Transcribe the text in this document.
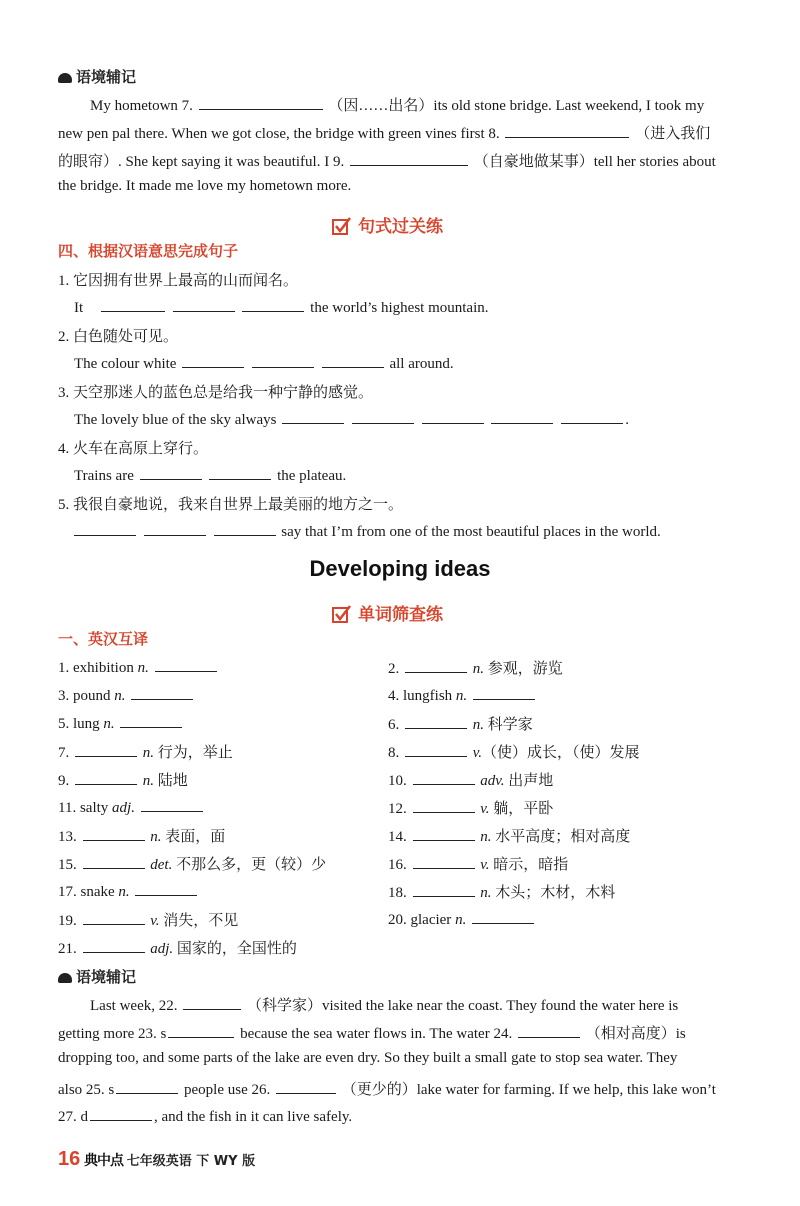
语境辅记
My hometown 7.	（因……出名）its old stone bridge. Last weekend, I took my
new pen pal there. When we got close, the bridge with green vines first 8.	（进入我们
的眼帘）. She kept saying it was beautiful. I 9.	（自豪地做某事）tell her stories about
the bridge. It made me love my hometown more.
句式过关练
四、根据汉语意思完成句子
1. 它因拥有世界上最高的山而闻名。
It	the world’s highest mountain.
2. 白色随处可见。
The colour white	all around.
3. 天空那迷人的蓝色总是给我一种宁静的感觉。
The lovely blue of the sky always	.
4. 火车在高原上穿行。
Trains are	the plateau.
5. 我很自豪地说，我来自世界上最美丽的地方之一。
say that I’m from one of the most beautiful places in the world.
Developing ideas
单词筛查练
一、英汉互译
1. exhibition n.	2.	n. 参观，游览
3. pound n.	4. lungfish n.
5. lung n.	6.	n. 科学家
7.	n. 行为，举止	8.	v.（使）成长，（使）发展
9.	n. 陆地	10.	adv. 出声地
11. salty adj.	12.	v. 躺，平卧
13.	n. 表面，面	14.	n. 水平高度；相对高度
15.	det. 不那么多，更（较）少	16.	v. 暗示，暗指
17. snake n.	18.	n. 木头；木材，木料
19.	v. 消失，不见	20. glacier n.
21.	adj. 国家的，全国性的
语境辅记
Last week, 22.	（科学家）visited the lake near the coast. They found the water here is
getting more 23. s	because the sea water flows in. The water 24.	（相对高度）is
dropping too, and some parts of the lake are even dry. So they built a small gate to stop sea water. They
also 25. s	people use 26.	（更少的）lake water for farming. If we help, this lake won’t
27. d	, and the fish in it can live safely.
16 典中点 七年级英语 下 WY 版
